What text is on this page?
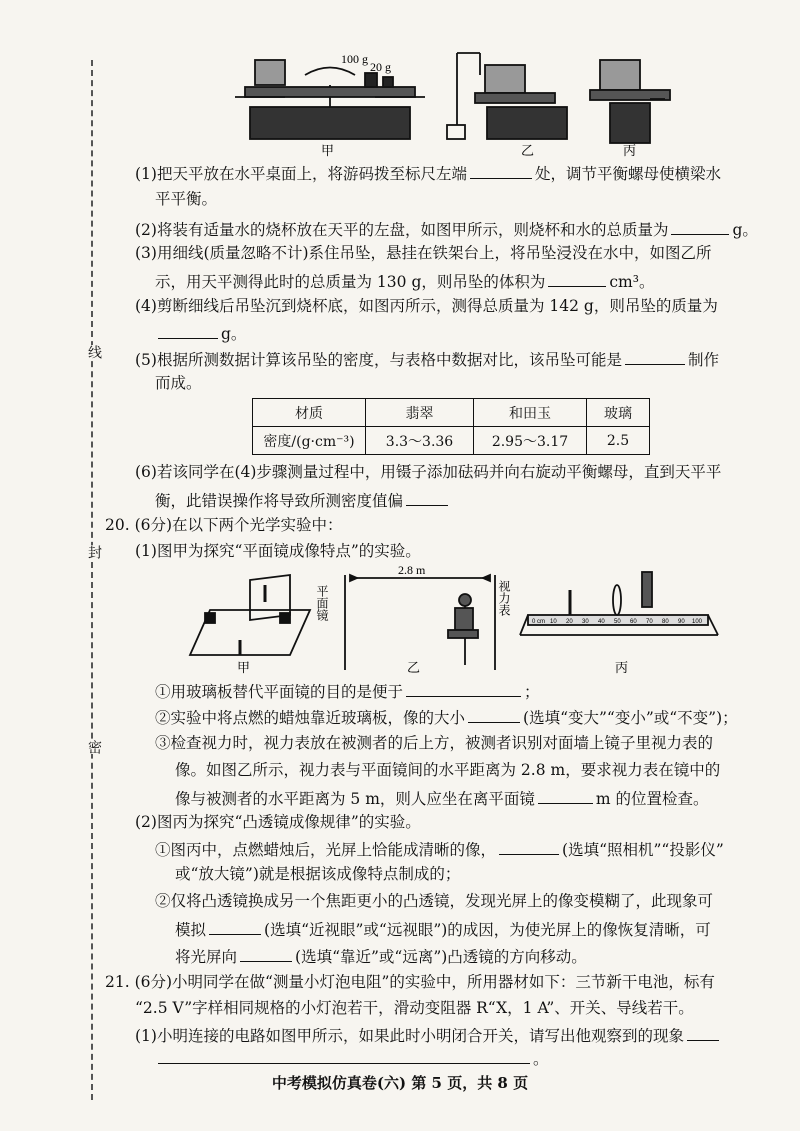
线
封
密
100 g
20 g
甲	乙	丙
(1)把天平放在水平桌面上，将游码拨至标尺左端	处，调节平衡螺母使横梁水
平平衡。
(2)将装有适量水的烧杯放在天平的左盘，如图甲所示，则烧杯和水的总质量为	g。
(3)用细线(质量忽略不计)系住吊坠，悬挂在铁架台上，将吊坠浸没在水中，如图乙所
示，用天平测得此时的总质量为 130 g，则吊坠的体积为	cm³。
(4)剪断细线后吊坠沉到烧杯底，如图丙所示，测得总质量为 142 g，则吊坠的质量为
g。
(5)根据所测数据计算该吊坠的密度，与表格中数据对比，该吊坠可能是	制作
而成。
材质	翡翠	和田玉	玻璃
密度/(g·cm⁻³)	3.3～3.36	2.95～3.17	2.5
(6)若该同学在(4)步骤测量过程中，用镊子添加砝码并向右旋动平衡螺母，直到天平平
衡，此错误操作将导致所测密度值偏
20. (6分)在以下两个光学实验中：
(1)图甲为探究“平面镜成像特点”的实验。
2.8 m
平面镜	视力表
0 cm 10 20 30 40 50 60 70 80 90 100
甲	乙	丙
①用玻璃板替代平面镜的目的是便于	；
②实验中将点燃的蜡烛靠近玻璃板，像的大小	(选填“变大”“变小”或“不变”)；
③检查视力时，视力表放在被测者的后上方，被测者识别对面墙上镜子里视力表的
像。如图乙所示，视力表与平面镜间的水平距离为 2.8 m，要求视力表在镜中的
像与被测者的水平距离为 5 m，则人应坐在离平面镜	m 的位置检查。
(2)图丙为探究“凸透镜成像规律”的实验。
①图丙中，点燃蜡烛后，光屏上恰能成清晰的像，	(选填“照相机”“投影仪”
或“放大镜”)就是根据该成像特点制成的；
②仅将凸透镜换成另一个焦距更小的凸透镜，发现光屏上的像变模糊了，此现象可
模拟	(选填“近视眼”或“远视眼”)的成因，为使光屏上的像恢复清晰，可
将光屏向	(选填“靠近”或“远离”)凸透镜的方向移动。
21. (6分)小明同学在做“测量小灯泡电阻”的实验中，所用器材如下：三节新干电池，标有
“2.5 V”字样相同规格的小灯泡若干，滑动变阻器 R“X，1 A”、开关、导线若干。
(1)小明连接的电路如图甲所示，如果此时小明闭合开关，请写出他观察到的现象
。
中考模拟仿真卷(六) 第 5 页，共 8 页
